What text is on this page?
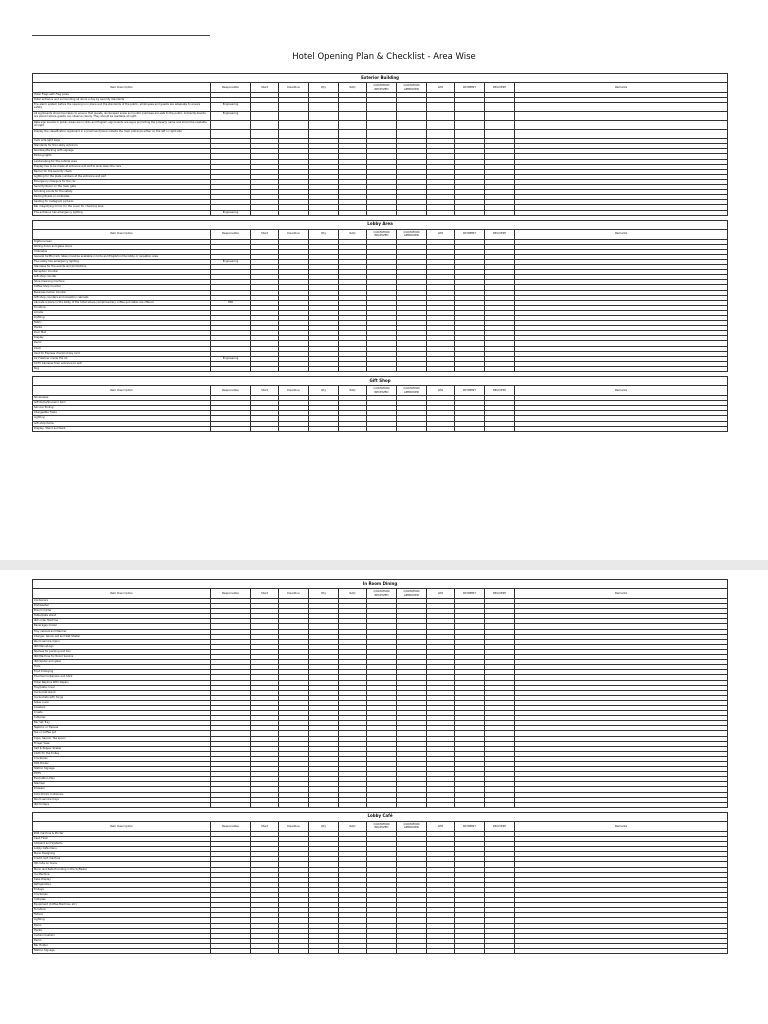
Hotel Opening Plan & Checklist - Area Wise
Exterior Building											
Item Description	Responsible	Start	Deadline	Qty	RAQ	QUATATION RECEIVED	QUATATION APPROVED	LPO	PAYMENT	DELIVERY	Remarks
Hotel Flags with Flag poles											
Hotel entrance and surrounding all doors a day by security standards											
Fire alarm system before the opening is in place and the standards of the public, employees and guests are adequate to ensure safety	Engineering										
All signboards should be taken to ensure that guests, landscaped areas and public premises are safe to the public. Indirectly boards are placed where guests can observe clearly. They should be readable at night.	Engineering										
Rate sign boards in public areas are in Urdu and English, sign boards are signs promoting the property name and should be readable at night											
Display the classification signboard in a prominent place outside the main entrance either on the left or right side											
Curb side light bags											
Standards for the Lobby entrance											
Roadway/Parking with signage											
Parking lights											
Landscaping for the outside area											
Display has to be made at entrance and exit to slow down the cars											
Barrier for the security check											
Lighting for the plate numbers at the entrance and exit											
Emergency Chargers for the car											
Security Room on the main gate											
Smoking points for the safety											
Parking Roads or umbrellas											
Seating for Instagram pictures											
Bar magnifying mirror for the cover for checking area											
The entrance has emergency lighting	Engineering										

Lobby Area											
Item Description	Responsible	Start	Deadline	Qty	RAQ	QUATATION RECEIVED	QUATATION APPROVED	LPO	PAYMENT	DELIVERY	Remarks
Digital screen											
Rolling doors and glass doors											
Umbrellas											
General tariffs (rack rates) must be available in Urdu and English in the lobby or reception area											
The Lobby has emergency lighting	Engineering										
Standees for the events and promotions											
Reception Counter											
Gift shop counter											
Shoe Cleaning machine											
Coffee Shop Counter											
Business Center Counter											
Gift shop counters and reception cabinets											
Allocate a place in the lobby of the hotel where complimentary coffee and dates are offered	TBD										
Furniture											
Arcade											
Lighting											
Fabric											
Plants											
Door Mat											
Display											
Decor											
Clock											
Vent for Express checkout key card											
Air Freshner inside the AC	Engineering										
CCTV Cameras from entrance to exit											
Rug											

Gift Shop											
Item Description	Responsible	Start	Deadline	Qty	RAQ	QUATATION RECEIVED	QUATATION APPROVED	LPO	PAYMENT	DELIVERY	Remarks
Showcases											
Gift items/Souvenir item											
Service Tooling											
Chargeable Trade											
Lighting											
Gift shop items											
Display, Stand and Rack											
In Room Dining											
Item Description	Responsible	Start	Deadline	Qty	RAQ	QUATATION RECEIVED	QUATATION APPROVED	LPO	PAYMENT	DELIVERY	Remarks
Containers											
Dishwasher											
Broom holder											
Table/plate stand											
IRD order Machine											
Beverages Cooler											
Tray cabinet and Warmer											
Charger, Spoon set and Salt Shaker											
Room service menu											
IRD Menu/Logo											
Shelves for packing and box											
IRD Machine for Room Service											
IRD Spider and glass											
Tools											
Food trolleying											
Thermal Containers and Stick											
Hotel Napkins With Napkin											
Tray/plate cover											
Ice bucket stand											
Ice buckets with tongs											
Glass cover											
Coasters											
Cruets											
Cutleries											
Bar Set Tray											
Napkins or Tissues											
Tea or Coffee pot											
Cups, Saucer, Tea spoon											
Flower Vase											
Salt & Pepper Shaker											
Cloth for the trolley											
Crockeries											
POS Printer											
Station Signage											
POTS											
Evacuation Plan											
Stamper											
Drawers											
Cold Drinks containers											
Room service trays											
IRD trolleys											

Lobby Café											
Item Description	Responsible	Start	Deadline	Qty	RAQ	QUATATION RECEIVED	QUATATION APPROVED	LPO	PAYMENT	DELIVERY	Remarks
POS machine & Printer											
Cash Float											
Ambient and Systems											
Lobby Café menu											
Menu Designing											
Credit card machine											
QR code on menu											
Menu and Rate Encoding in the Software											
Ice Machine											
Cake Display											
Refrigerators											
Trolleys											
Crockeries											
Cutleries											
Equipment (Coffee Machine, etc)											
Furniture											
Fixture											
Lighting											
Décor											
Plants											
Curtain Cushion											
Décor											
Bar Holder											
Station Signage											
